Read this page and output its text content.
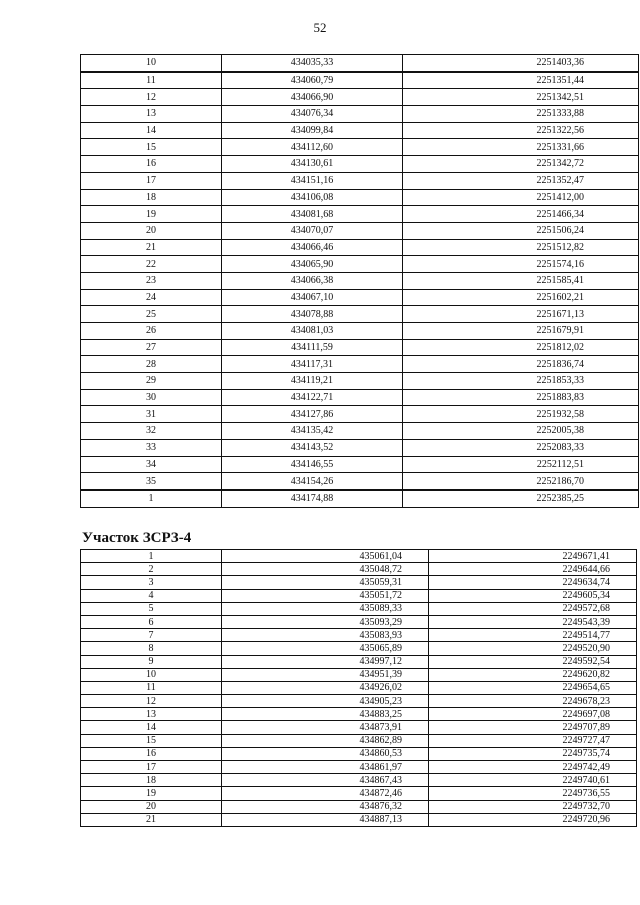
52
10	434035,33	2251403,36
11	434060,79	2251351,44
12	434066,90	2251342,51
13	434076,34	2251333,88
14	434099,84	2251322,56
15	434112,60	2251331,66
16	434130,61	2251342,72
17	434151,16	2251352,47
18	434106,08	2251412,00
19	434081,68	2251466,34
20	434070,07	2251506,24
21	434066,46	2251512,82
22	434065,90	2251574,16
23	434066,38	2251585,41
24	434067,10	2251602,21
25	434078,88	2251671,13
26	434081,03	2251679,91
27	434111,59	2251812,02
28	434117,31	2251836,74
29	434119,21	2251853,33
30	434122,71	2251883,83
31	434127,86	2251932,58
32	434135,42	2252005,38
33	434143,52	2252083,33
34	434146,55	2252112,51
35	434154,26	2252186,70
1	434174,88	2252385,25
Участок ЗСРЗ-4
1	435061,04	2249671,41
2	435048,72	2249644,66
3	435059,31	2249634,74
4	435051,72	2249605,34
5	435089,33	2249572,68
6	435093,29	2249543,39
7	435083,93	2249514,77
8	435065,89	2249520,90
9	434997,12	2249592,54
10	434951,39	2249620,82
11	434926,02	2249654,65
12	434905,23	2249678,23
13	434883,25	2249697,08
14	434873,91	2249707,89
15	434862,89	2249727,47
16	434860,53	2249735,74
17	434861,97	2249742,49
18	434867,43	2249740,61
19	434872,46	2249736,55
20	434876,32	2249732,70
21	434887,13	2249720,96
